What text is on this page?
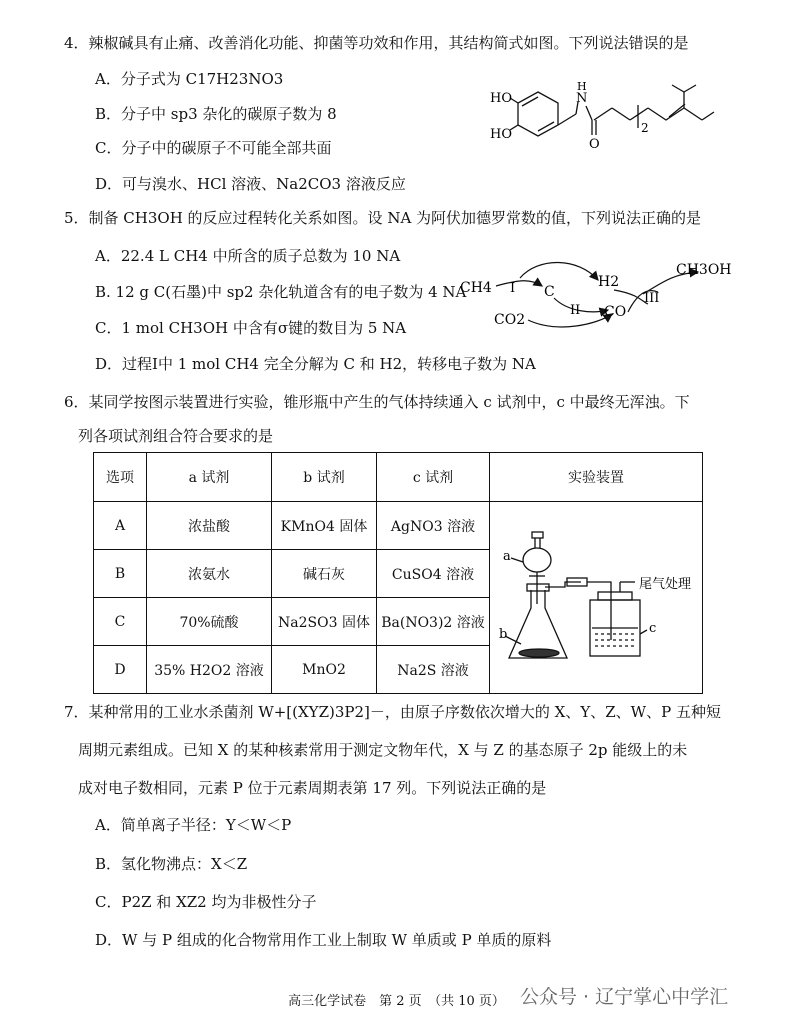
4．辣椒碱具有止痛、改善消化功能、抑菌等功效和作用，其结构简式如图。下列说法错误的是
A．分子式为 C17H23NO3
B．分子中 sp3 杂化的碳原子数为 8
C．分子中的碳原子不可能全部共面
D．可与溴水、HCl 溶液、Na2CO3 溶液反应
HO
HO
N
H
O
2
5．制备 CH3OH 的反应过程转化关系如图。设 NA 为阿伏加德罗常数的值，下列说法正确的是
A．22.4 L CH4 中所含的质子总数为 10 NA
B. 12 g C(石墨)中 sp2 杂化轨道含有的电子数为 4 NA
C．1 mol CH3OH 中含有σ键的数目为 5 NA
D．过程Ⅰ中 1 mol CH4 完全分解为 C 和 H2，转移电子数为 NA
CH4 I C
H2
CH3OH
CO2
II CO
III
6．某同学按图示装置进行实验，锥形瓶中产生的气体持续通入 c 试剂中，c 中最终无浑浊。下
列各项试剂组合符合要求的是
选项	a 试剂	b 试剂	c 试剂	实验装置
A	浓盐酸	KMnO4 固体	AgNO3 溶液	
B	浓氨水	碱石灰	CuSO4 溶液	
C	70%硫酸	Na2SO3 固体	Ba(NO3)2 溶液	
D	35% H2O2 溶液	MnO2	Na2S 溶液	
a
b	c
尾气处理
7．某种常用的工业水杀菌剂 W+[(XYZ)3P2]－，由原子序数依次增大的 X、Y、Z、W、P 五种短
周期元素组成。已知 X 的某种核素常用于测定文物年代，X 与 Z 的基态原子 2p 能级上的未
成对电子数相同，元素 P 位于元素周期表第 17 列。下列说法正确的是
A．简单离子半径：Y＜W＜P
B．氢化物沸点：X＜Z
C．P2Z 和 XZ2 均为非极性分子
D．W 与 P 组成的化合物常用作工业上制取 W 单质或 P 单质的原料
高三化学试卷　第 2 页　（共 10 页） 公众号 · 辽宁掌心中学汇
